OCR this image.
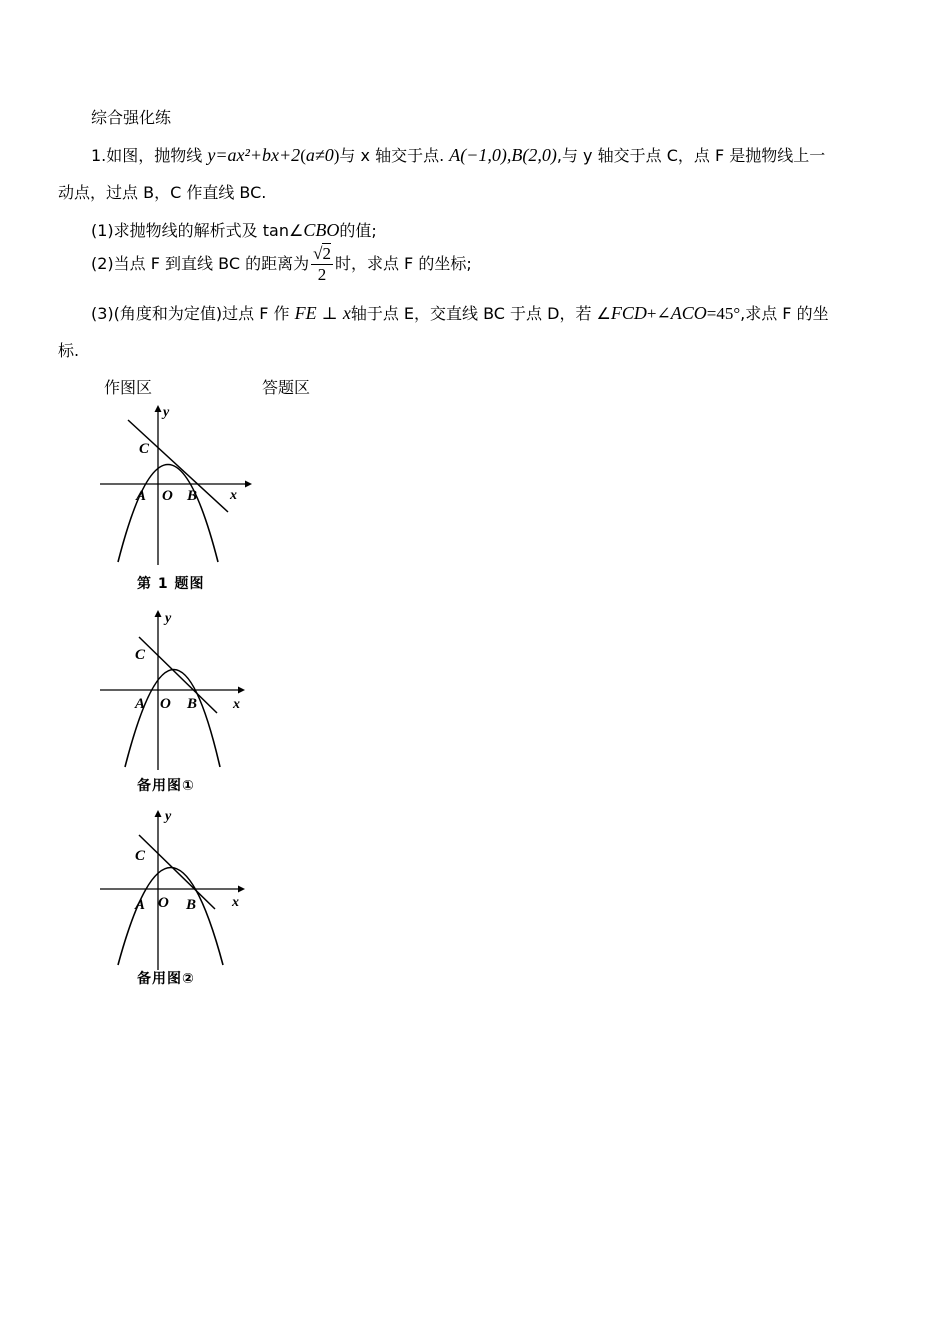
综合强化练
1.如图，抛物线 y=ax²+bx+2(a≠0)与 x 轴交于点. A(−1,0),B(2,0),与 y 轴交于点 C，点 F 是抛物线上一
动点，过点 B，C 作直线 BC.
(1)求抛物线的解析式及 tan∠CBO的值;
(2)当点 F 到直线 BC 的距离为 $\frac{√2}{2}$ 时，求点 F 的坐标;
(3)(角度和为定值)过点 F 作 FE ⊥ x轴于点 E，交直线 BC 于点 D，若 ∠FCD+∠ACO=45°,求点 F 的坐
标.
作图区	答题区
y
x
C
A O B
第 1 题图
y
x
C
A O B
备用图①
y
x
C
A O B
备用图②
